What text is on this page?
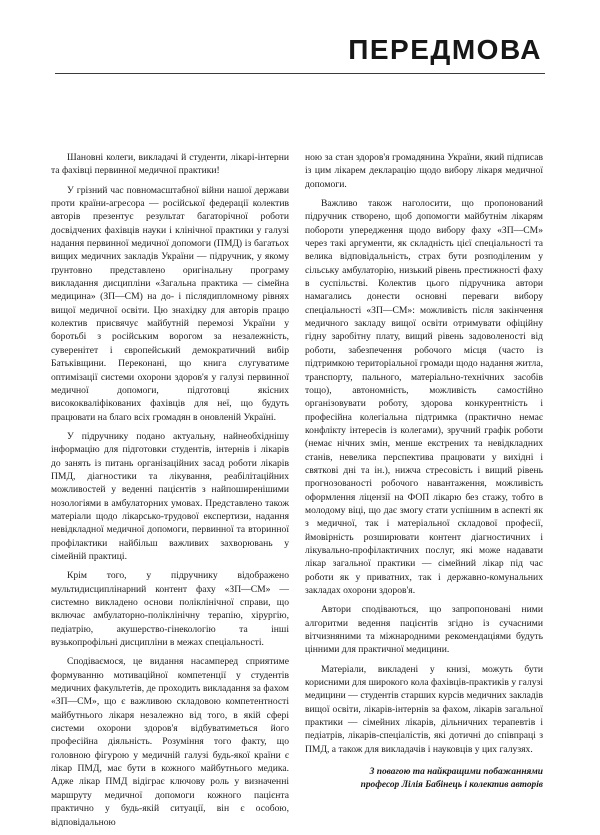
ПЕРЕДМОВА

Шановні колеги, викладачі й студенти, лікарі-інтерни та фахівці первинної медичної практики!

У грізний час повномасштабної війни нашої держави проти країни-агресора — російської федерації колектив авторів презентує результат багаторічної роботи досвідчених фахівців науки і клінічної практики у галузі надання первинної медичної допомоги (ПМД) із багатьох вищих медичних закладів України — підручник, у якому ґрунтовно представлено оригінальну програму викладання дисципліни «Загальна практика — сімейна медицина» (ЗП—СМ) на до- і післядипломному рівнях вищої медичної освіти. Цю знахідку для авторів працю колектив присвячує майбутній перемозі України у боротьбі з російським ворогом за незалежність, суверенітет і європейський демократичний вибір Батьківщини. Переконані, що книга слугуватиме оптимізації системи охорони здоров'я у галузі первинної медичної допомоги, підготовці якісних висококваліфікованих фахівців для неї, що будуть працювати на благо всіх громадян в оновленій Україні.

У підручнику подано актуальну, найнеобхіднішу інформацію для підготовки студентів, інтернів і лікарів до занять із питань організаційних засад роботи лікарів ПМД, діагностики та лікування, реабілітаційних можливостей у веденні пацієнтів з найпоширенішими нозологіями в амбулаторних умовах. Представлено також матеріали щодо лікарсько-трудової експертизи, надання невідкладної медичної допомоги, первинної та вторинної профілактики найбільш важливих захворювань у сімейній практиці.

Крім того, у підручнику відображено мультидисциплінарний контент фаху «ЗП—СМ» — системно викладено основи поліклінічної справи, що включає амбулаторно-поліклінічну терапію, хірургію, педіатрію, акушерство-гінекологію та інші вузькопрофільні дисципліни в межах спеціальності.

Сподіваємося, це видання насамперед сприятиме формуванню мотиваційної компетенції у студентів медичних факультетів, де проходить викладання за фахом «ЗП—СМ», що є важливою складовою компетентності майбутнього лікаря незалежно від того, в якій сфері системи охорони здоров'я відбуватиметься його професійна діяльність. Розуміння того факту, що головною фігурою у медичній галузі будь-якої країни є лікар ПМД, має бути в кожного майбутнього медика. Адже лікар ПМД відіграє ключову роль у визначенні маршруту медичної допомоги кожного пацієнта практично у будь-якій ситуації, він є особою, відповідальною

ною за стан здоров'я громадянина України, який підписав із цим лікарем декларацію щодо вибору лікаря медичної допомоги.

Важливо також наголосити, що пропонований підручник створено, щоб допомогти майбутнім лікарям побороти упередження щодо вибору фаху «ЗП—СМ» через такі аргументи, як складність цієї спеціальності та велика відповідальність, страх бути розподіленим у сільську амбулаторію, низький рівень престижності фаху в суспільстві. Колектив цього підручника автори намагались донести основні переваги вибору спеціальності «ЗП—СМ»: можливість після закінчення медичного закладу вищої освіти отримувати офіційну гідну заробітну плату, вищий рівень задоволеності від роботи, забезпечення робочого місця (часто із підтримкою територіальної громади щодо надання житла, транспорту, пального, матеріально-технічних засобів тощо), автономність, можливість самостійно організовувати роботу, здорова конкурентність і професійна колегіальна підтримка (практично немає конфлікту інтересів із колегами), зручний графік роботи (немає нічних змін, менше екстрених та невідкладних станів, невелика перспектива працювати у вихідні і святкові дні та ін.), нижча стресовість і вищий рівень прогнозованості робочого навантаження, можливість оформлення ліцензії на ФОП лікарю без стажу, тобто в молодому віці, що дає змогу стати успішним в аспекті як з медичної, так і матеріальної складової професії, ймовірність розширювати контент діагностичних і лікувально-профілактичних послуг, які може надавати лікар загальної практики — сімейний лікар під час роботи як у приватних, так і державно-комунальних закладах охорони здоров'я.

Автори сподіваються, що запропоновані ними алгоритми ведення пацієнтів згідно із сучасними вітчизняними та міжнародними рекомендаціями будуть цінними для практичної медицини.

Матеріали, викладені у книзі, можуть бути корисними для широкого кола фахівців-практиків у галузі медицини — студентів старших курсів медичних закладів вищої освіти, лікарів-інтернів за фахом, лікарів загальної практики — сімейних лікарів, дільничних терапевтів і педіатрів, лікарів-спеціалістів, які дотичні до співпраці з ПМД, а також для викладачів і науковців у цих галузях.

З повагою та найкращими побажаннями
професор Лілія Бабінець і колектив авторів
